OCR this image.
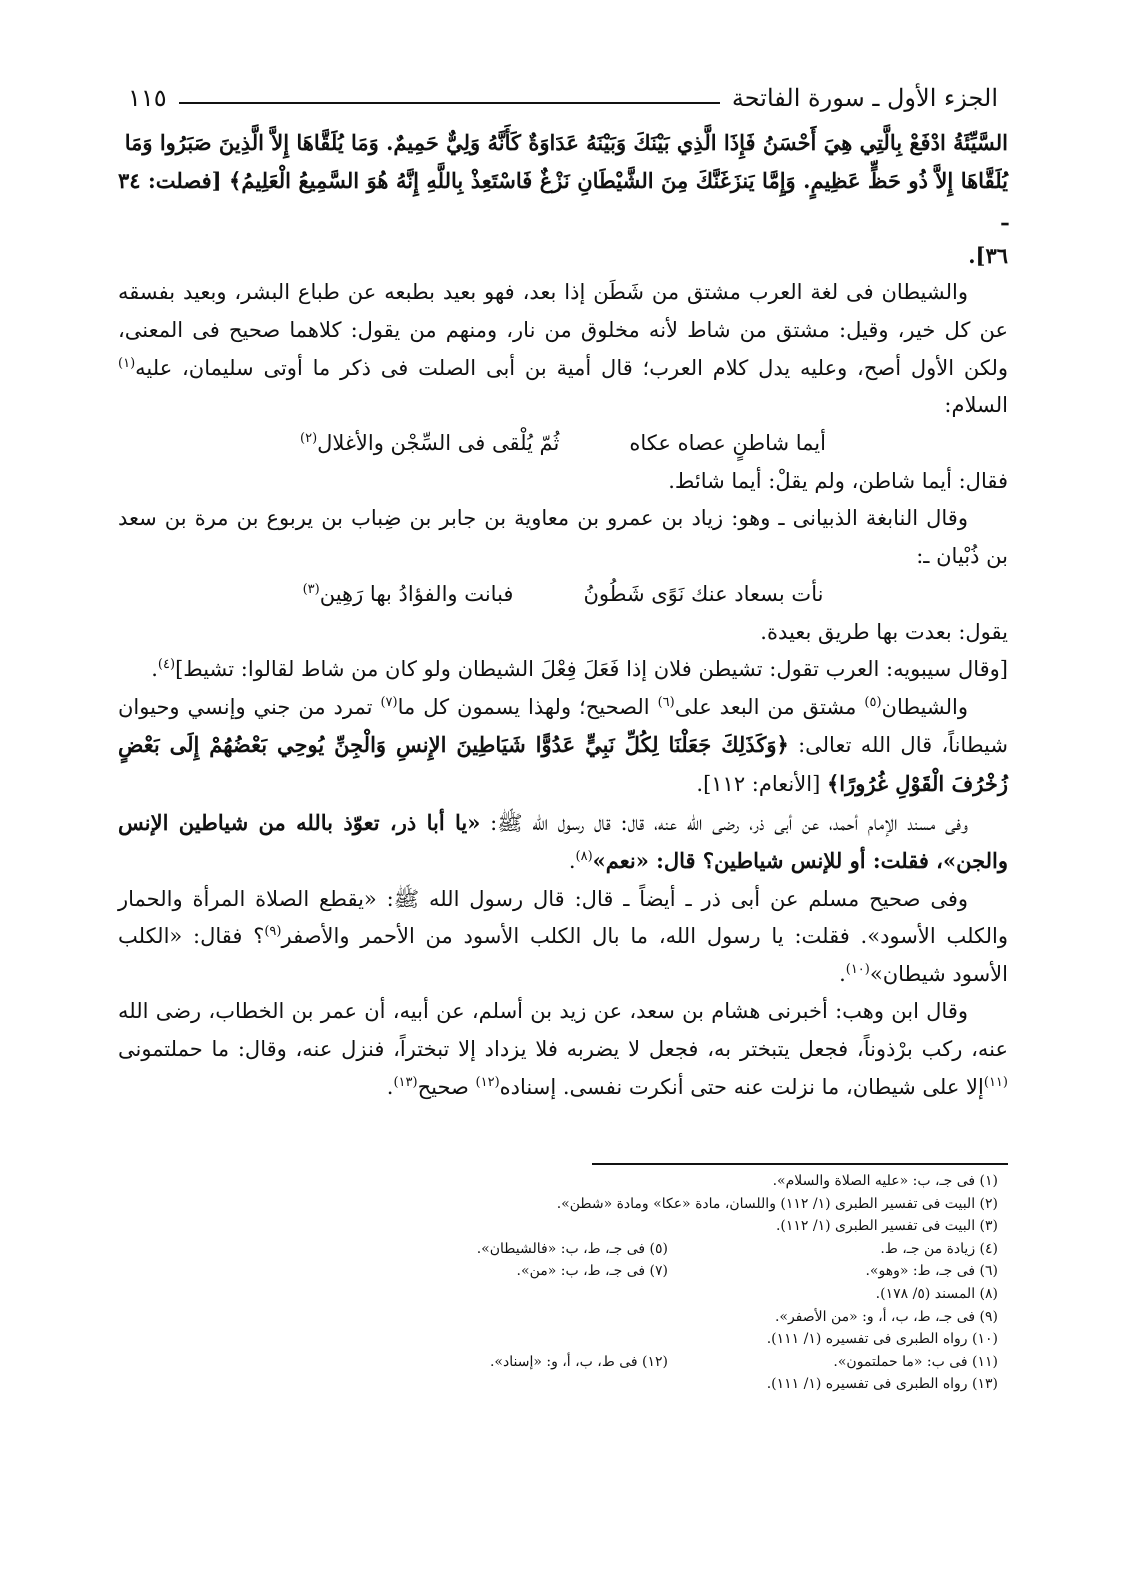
الجزء الأول ـ سورة الفاتحة
١١٥

السَّيِّئَةُ ادْفَعْ بِالَّتِي هِيَ أَحْسَنُ فَإِذَا الَّذِي بَيْنَكَ وَبَيْنَهُ عَدَاوَةٌ كَأَنَّهُ وَلِيٌّ حَمِيمٌ. وَمَا يُلَقَّاهَا إِلاَّ الَّذِينَ صَبَرُوا وَمَا

يُلَقَّاهَا إِلاَّ ذُو حَظٍّ عَظِيمٍ. وَإِمَّا يَنزَغَنَّكَ مِنَ الشَّيْطَانِ نَزْغٌ فَاسْتَعِذْ بِاللَّهِ إِنَّهُ هُوَ السَّمِيعُ الْعَلِيمُ﴾ [فصلت: ٣٤ ـ

٣٦].

والشيطان فى لغة العرب مشتق من شَطَن إذا بعد، فهو بعيد بطبعه عن طباع البشر، وبعيد بفسقه عن كل خير، وقيل: مشتق من شاط لأنه مخلوق من نار، ومنهم من يقول: كلاهما صحيح فى المعنى، ولكن الأول أصح، وعليه يدل كلام العرب؛ قال أمية بن أبى الصلت فى ذكر ما أوتى سليمان، عليه$^{(١)}$ السلام:

أيما شاطنٍ عصاه عكاه
ثُمّ يُلْقى فى السِّجْن والأغلال$^{(٢)}$

فقال: أيما شاطن، ولم يقلْ: أيما شائط.

وقال النابغة الذبيانى ـ وهو: زياد بن عمرو بن معاوية بن جابر بن ضِباب بن يربوع بن مرة بن سعد بن ذُبْيان ـ:

نأت بسعاد عنك نَوًى شَطُونُ
فبانت والفؤادُ بها رَهِين$^{(٣)}$

يقول: بعدت بها طريق بعيدة.

[وقال سيبويه: العرب تقول: تشيطن فلان إذا فَعَلَ فِعْلَ الشيطان ولو كان من شاط لقالوا: تشيط]$^{(٤)}$.

والشيطان$^{(٥)}$ مشتق من البعد على$^{(٦)}$ الصحيح؛ ولهذا يسمون كل ما$^{(٧)}$ تمرد من جني وإنسي وحيوان شيطاناً، قال الله تعالى: ﴿وَكَذَلِكَ جَعَلْنَا لِكُلِّ نَبِيٍّ عَدُوًّا شَيَاطِينَ الإِنسِ وَالْجِنِّ يُوحِي بَعْضُهُمْ إِلَى بَعْضٍ زُخْرُفَ الْقَوْلِ غُرُورًا﴾ [الأنعام: ١١٢].

وفى مسند الإمام أحمد، عن أبى ذر، رضى الله عنه، قال: قال رسول الله ﷺ: «يا أبا ذر، تعوّذ بالله من شياطين الإنس والجن»، فقلت: أو للإنس شياطين؟ قال: «نعم»$^{(٨)}$.

وفى صحيح مسلم عن أبى ذر ـ أيضاً ـ قال: قال رسول الله ﷺ: «يقطع الصلاة المرأة والحمار والكلب الأسود». فقلت: يا رسول الله، ما بال الكلب الأسود من الأحمر والأصفر$^{(٩)}$؟ فقال: «الكلب الأسود شيطان»$^{(١٠)}$.

وقال ابن وهب: أخبرنى هشام بن سعد، عن زيد بن أسلم، عن أبيه، أن عمر بن الخطاب، رضى الله عنه، ركب برْذوناً، فجعل يتبختر به، فجعل لا يضربه فلا يزداد إلا تبختراً، فنزل عنه، وقال: ما حملتمونى $^{(١١)}$إلا على شيطان، ما نزلت عنه حتى أنكرت نفسى. إسناده$^{(١٢)}$ صحيح$^{(١٣)}$.

(١) فى جـ، ب: «عليه الصلاة والسلام».
(٢) البيت فى تفسير الطبرى (١/ ١١٢) واللسان، مادة «عكا» ومادة «شطن».
(٣) البيت فى تفسير الطبرى (١/ ١١٢).
(٤) زيادة من جـ، ط.
(٥) فى جـ، ط، ب: «فالشيطان».
(٦) فى جـ، ط: «وهو».
(٧) فى جـ، ط، ب: «من».
(٨) المسند (٥/ ١٧٨).
(٩) فى جـ، ط، ب، أ، و: «من الأصفر».
(١٠) رواه الطبرى فى تفسيره (١/ ١١١).
(١١) فى ب: «ما حملتمون».
(١٢) فى ط، ب، أ، و: «إسناد».
(١٣) رواه الطبرى فى تفسيره (١/ ١١١).
